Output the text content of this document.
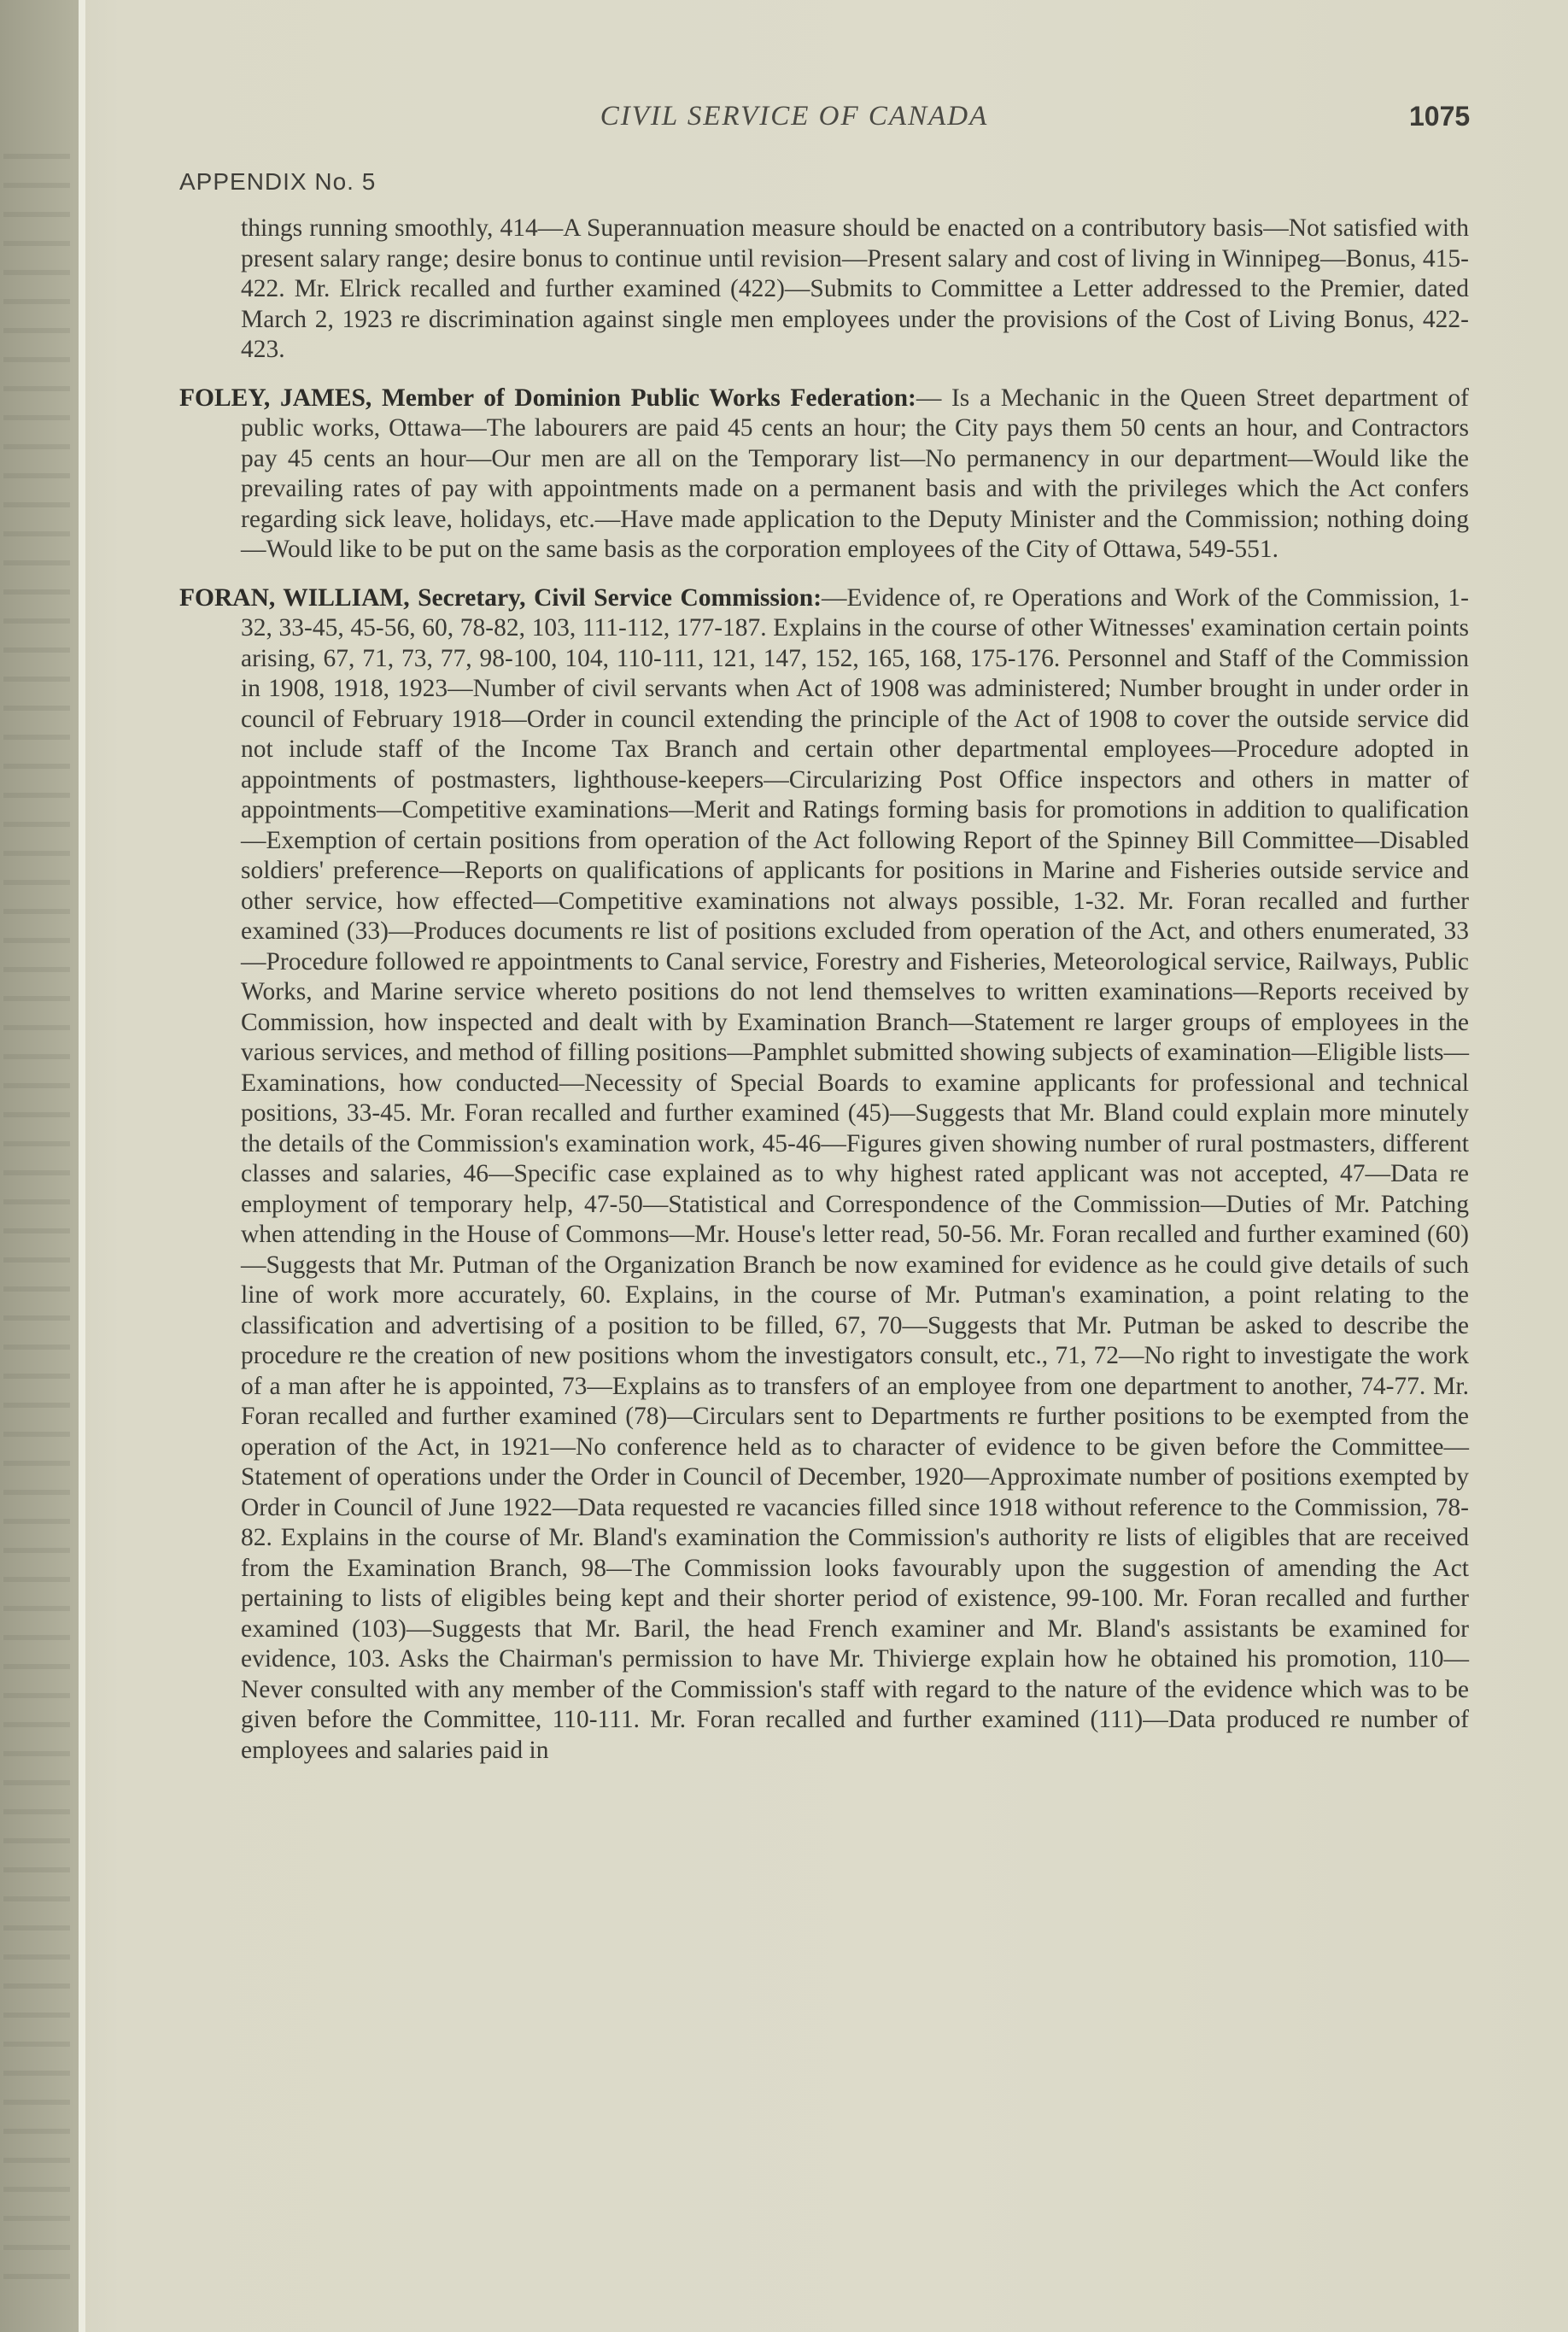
CIVIL SERVICE OF CANADA	1075
APPENDIX No. 5

things running smoothly, 414—A Superannuation measure should be enacted on a contributory basis—Not satisfied with present salary range; desire bonus to continue until revision—Present salary and cost of living in Winnipeg—Bonus, 415-422. Mr. Elrick recalled and further examined (422)—Submits to Committee a Letter addressed to the Premier, dated March 2, 1923 re discrimination against single men employees under the provisions of the Cost of Living Bonus, 422-423.

FOLEY, JAMES, Member of Dominion Public Works Federation:— Is a Mechanic in the Queen Street department of public works, Ottawa—The labourers are paid 45 cents an hour; the City pays them 50 cents an hour, and Contractors pay 45 cents an hour—Our men are all on the Temporary list—No permanency in our department—Would like the prevailing rates of pay with appointments made on a permanent basis and with the privileges which the Act confers regarding sick leave, holidays, etc.—Have made application to the Deputy Minister and the Commission; nothing doing—Would like to be put on the same basis as the corporation employees of the City of Ottawa, 549-551.

FORAN, WILLIAM, Secretary, Civil Service Commission:—Evidence of, re Operations and Work of the Commission, 1-32, 33-45, 45-56, 60, 78-82, 103, 111-112, 177-187. Explains in the course of other Witnesses' examination certain points arising, 67, 71, 73, 77, 98-100, 104, 110-111, 121, 147, 152, 165, 168, 175-176. Personnel and Staff of the Commission in 1908, 1918, 1923—Number of civil servants when Act of 1908 was administered; Number brought in under order in council of February 1918—Order in council extending the principle of the Act of 1908 to cover the outside service did not include staff of the Income Tax Branch and certain other departmental employees—Procedure adopted in appointments of postmasters, lighthouse-keepers—Circularizing Post Office inspectors and others in matter of appointments—Competitive examinations—Merit and Ratings forming basis for promotions in addition to qualification—Exemption of certain positions from operation of the Act following Report of the Spinney Bill Committee—Disabled soldiers' preference—Reports on qualifications of applicants for positions in Marine and Fisheries outside service and other service, how effected—Competitive examinations not always possible, 1-32. Mr. Foran recalled and further examined (33)—Produces documents re list of positions excluded from operation of the Act, and others enumerated, 33—Procedure followed re appointments to Canal service, Forestry and Fisheries, Meteorological service, Railways, Public Works, and Marine service whereto positions do not lend themselves to written examinations—Reports received by Commission, how inspected and dealt with by Examination Branch—Statement re larger groups of employees in the various services, and method of filling positions—Pamphlet submitted showing subjects of examination—Eligible lists—Examinations, how conducted—Necessity of Special Boards to examine applicants for professional and technical positions, 33-45. Mr. Foran recalled and further examined (45)—Suggests that Mr. Bland could explain more minutely the details of the Commission's examination work, 45-46—Figures given showing number of rural postmasters, different classes and salaries, 46—Specific case explained as to why highest rated applicant was not accepted, 47—Data re employment of temporary help, 47-50—Statistical and Correspondence of the Commission—Duties of Mr. Patching when attending in the House of Commons—Mr. House's letter read, 50-56. Mr. Foran recalled and further examined (60)—Suggests that Mr. Putman of the Organization Branch be now examined for evidence as he could give details of such line of work more accurately, 60. Explains, in the course of Mr. Putman's examination, a point relating to the classification and advertising of a position to be filled, 67, 70—Suggests that Mr. Putman be asked to describe the procedure re the creation of new positions whom the investigators consult, etc., 71, 72—No right to investigate the work of a man after he is appointed, 73—Explains as to transfers of an employee from one department to another, 74-77. Mr. Foran recalled and further examined (78)—Circulars sent to Departments re further positions to be exempted from the operation of the Act, in 1921—No conference held as to character of evidence to be given before the Committee—Statement of operations under the Order in Council of December, 1920—Approximate number of positions exempted by Order in Council of June 1922—Data requested re vacancies filled since 1918 without reference to the Commission, 78-82. Explains in the course of Mr. Bland's examination the Commission's authority re lists of eligibles that are received from the Examination Branch, 98—The Commission looks favourably upon the suggestion of amending the Act pertaining to lists of eligibles being kept and their shorter period of existence, 99-100. Mr. Foran recalled and further examined (103)—Suggests that Mr. Baril, the head French examiner and Mr. Bland's assistants be examined for evidence, 103. Asks the Chairman's permission to have Mr. Thivierge explain how he obtained his promotion, 110—Never consulted with any member of the Commission's staff with regard to the nature of the evidence which was to be given before the Committee, 110-111. Mr. Foran recalled and further examined (111)—Data produced re number of employees and salaries paid in
